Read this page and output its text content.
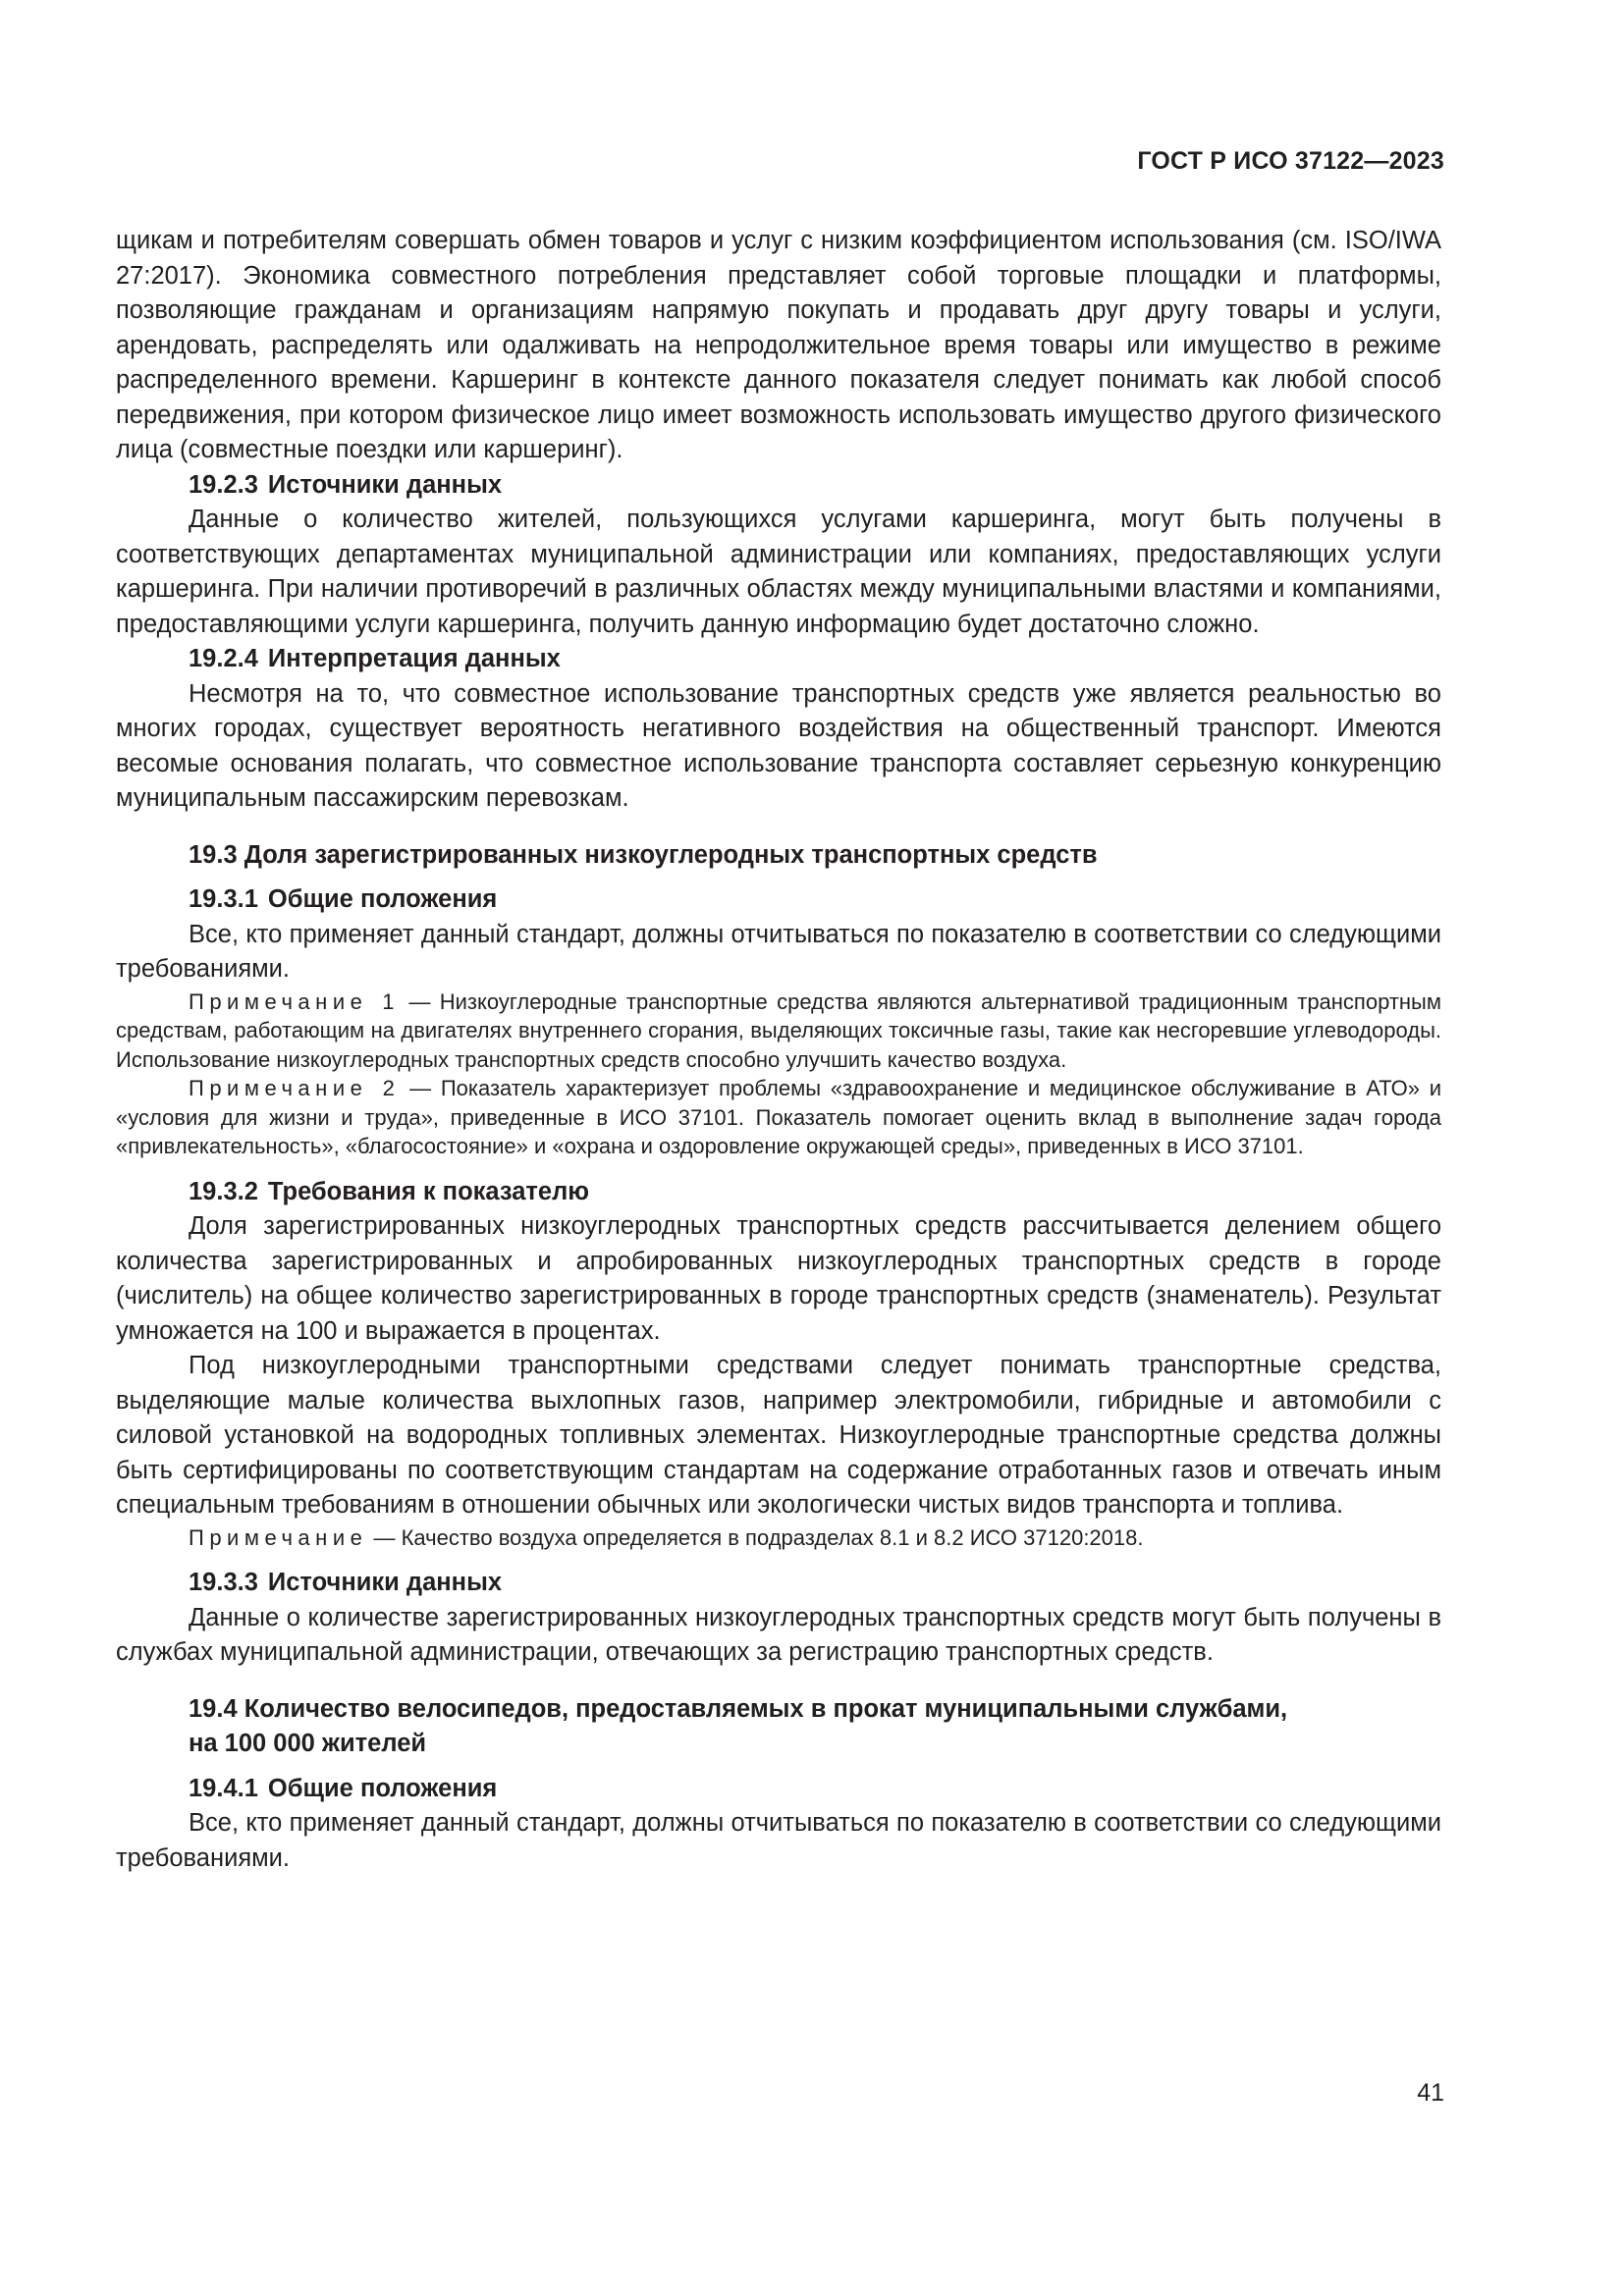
ГОСТ Р ИСО 37122—2023

щикам и потребителям совершать обмен товаров и услуг с низким коэффициентом использования (см. ISO/IWA 27:2017). Экономика совместного потребления представляет собой торговые площадки и платформы, позволяющие гражданам и организациям напрямую покупать и продавать друг другу товары и услуги, арендовать, распределять или одалживать на непродолжительное время товары или имущество в режиме распределенного времени. Каршеринг в контексте данного показателя следует понимать как любой способ передвижения, при котором физическое лицо имеет возможность использовать имущество другого физического лица (совместные поездки или каршеринг).

19.2.3 Источники данных

Данные о количество жителей, пользующихся услугами каршеринга, могут быть получены в соответствующих департаментах муниципальной администрации или компаниях, предоставляющих услуги каршеринга. При наличии противоречий в различных областях между муниципальными властями и компаниями, предоставляющими услуги каршеринга, получить данную информацию будет достаточно сложно.

19.2.4 Интерпретация данных

Несмотря на то, что совместное использование транспортных средств уже является реальностью во многих городах, существует вероятность негативного воздействия на общественный транспорт. Имеются весомые основания полагать, что совместное использование транспорта составляет серьезную конкуренцию муниципальным пассажирским перевозкам.

19.3 Доля зарегистрированных низкоуглеродных транспортных средств
19.3.1 Общие положения

Все, кто применяет данный стандарт, должны отчитываться по показателю в соответствии со следующими требованиями.

Примечание 1 — Низкоуглеродные транспортные средства являются альтернативой традиционным транспортным средствам, работающим на двигателях внутреннего сгорания, выделяющих токсичные газы, такие как несгоревшие углеводороды. Использование низкоуглеродных транспортных средств способно улучшить качество воздуха.

Примечание 2 — Показатель характеризует проблемы «здравоохранение и медицинское обслуживание в АТО» и «условия для жизни и труда», приведенные в ИСО 37101. Показатель помогает оценить вклад в выполнение задач города «привлекательность», «благосостояние» и «охрана и оздоровление окружающей среды», приведенных в ИСО 37101.

19.3.2 Требования к показателю

Доля зарегистрированных низкоуглеродных транспортных средств рассчитывается делением общего количества зарегистрированных и апробированных низкоуглеродных транспортных средств в городе (числитель) на общее количество зарегистрированных в городе транспортных средств (знаменатель). Результат умножается на 100 и выражается в процентах.

Под низкоуглеродными транспортными средствами следует понимать транспортные средства, выделяющие малые количества выхлопных газов, например электромобили, гибридные и автомобили с силовой установкой на водородных топливных элементах. Низкоуглеродные транспортные средства должны быть сертифицированы по соответствующим стандартам на содержание отработанных газов и отвечать иным специальным требованиям в отношении обычных или экологически чистых видов транспорта и топлива.

Примечание — Качество воздуха определяется в подразделах 8.1 и 8.2 ИСО 37120:2018.

19.3.3 Источники данных

Данные о количестве зарегистрированных низкоуглеродных транспортных средств могут быть получены в службах муниципальной администрации, отвечающих за регистрацию транспортных средств.

19.4 Количество велосипедов, предоставляемых в прокат муниципальными службами,
на 100 000 жителей
19.4.1 Общие положения

Все, кто применяет данный стандарт, должны отчитываться по показателю в соответствии со следующими требованиями.

41
